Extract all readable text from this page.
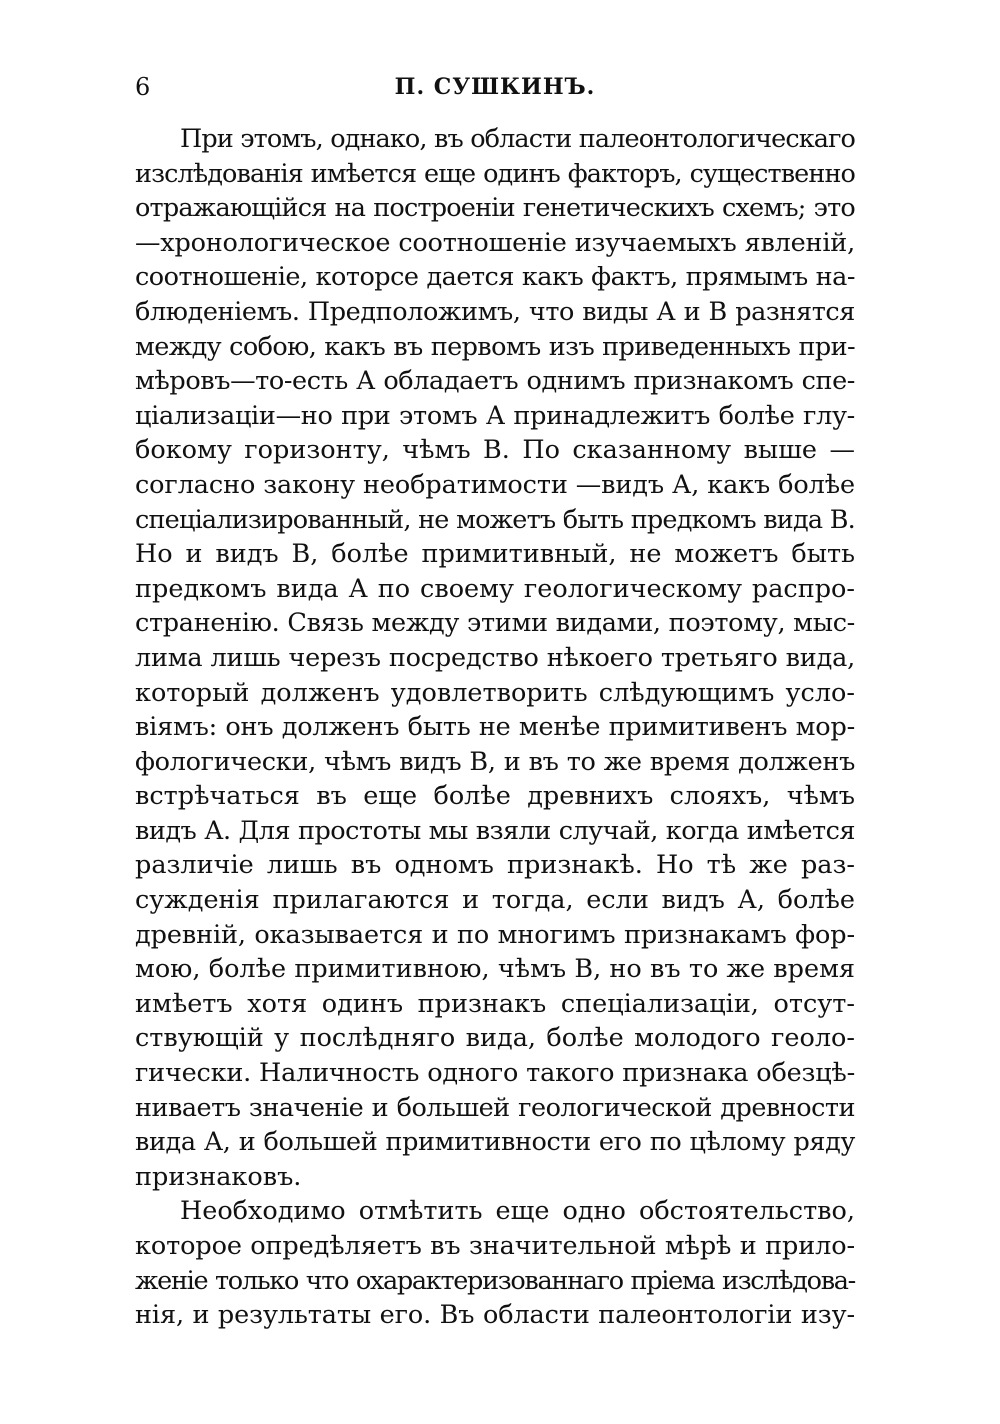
6	П. СУШКИНЪ.
При этомъ, однако, въ области палеонтологическаго
изслѣдованія имѣется еще одинъ факторъ, существенно
отражающійся на построеніи генетическихъ схемъ; это
—хронологическое соотношеніе изучаемыхъ явленій,
соотношеніе, которсе дается какъ фактъ, прямымъ на-
блюденіемъ. Предположимъ, что виды А и В разнятся
между собою, какъ въ первомъ изъ приведенныхъ при-
мѣровъ—то-есть А обладаетъ однимъ признакомъ спе-
ціализаціи—но при этомъ А принадлежитъ болѣе глу-
бокому горизонту, чѣмъ В. По сказанному выше —
согласно закону необратимости —видъ А, какъ болѣе
спеціализированный, не можетъ быть предкомъ вида В.
Но и видъ В, болѣе примитивный, не можетъ быть
предкомъ вида А по своему геологическому распро-
страненію. Связь между этими видами, поэтому, мыс-
лима лишь черезъ посредство нѣкоего третьяго вида,
который долженъ удовлетворить слѣдующимъ усло-
віямъ: онъ долженъ быть не менѣе примитивенъ мор-
фологически, чѣмъ видъ В, и въ то же время долженъ
встрѣчаться въ еще болѣе древнихъ слояхъ, чѣмъ
видъ А. Для простоты мы взяли случай, когда имѣется
различіе лишь въ одномъ признакѣ. Но тѣ же раз-
сужденія прилагаются и тогда, если видъ А, болѣе
древній, оказывается и по многимъ признакамъ фор-
мою, болѣе примитивною, чѣмъ В, но въ то же время
имѣетъ хотя одинъ признакъ спеціализаціи, отсут-
ствующій у послѣдняго вида, болѣе молодого геоло-
гически. Наличность одного такого признака обезцѣ-
ниваетъ значеніе и большей геологической древности
вида А, и большей примитивности его по цѣлому ряду
признаковъ.
Необходимо отмѣтить еще одно обстоятельство,
которое опредѣляетъ въ значительной мѣрѣ и прило-
женіе только что охарактеризованнаго пріема изслѣдова-
нія, и результаты его. Въ области палеонтологіи изу-
